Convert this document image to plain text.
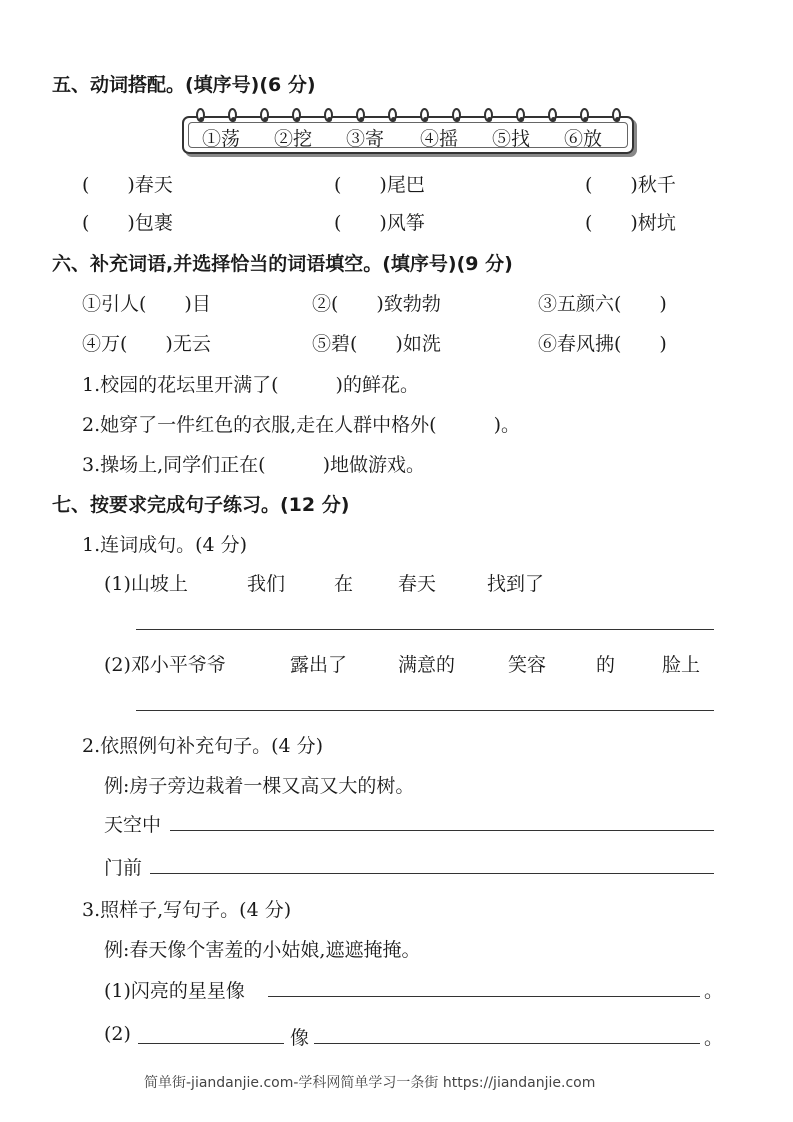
五、动词搭配。(填序号)(6 分)
①荡 ②挖 ③寄 ④摇 ⑤找 ⑥放
(　　)春天	(　　)尾巴	(　　)秋千
(　　)包裹	(　　)风筝	(　　)树坑
六、补充词语,并选择恰当的词语填空。(填序号)(9 分)
①引人(　　)目	②(　　)致勃勃	③五颜六(　　)
④万(　　)无云	⑤碧(　　)如洗	⑥春风拂(　　)
1.校园的花坛里开满了(　　　)的鲜花。
2.她穿了一件红色的衣服,走在人群中格外(　　　)。
3.操场上,同学们正在(　　　)地做游戏。
七、按要求完成句子练习。(12 分)
1.连词成句。(4 分)
(1)山坡上	我们	在 春天	找到了
(2)邓小平爷爷	露出了	满意的	笑容	的 脸上
2.依照例句补充句子。(4 分)
例:房子旁边栽着一棵又高又大的树。
天空中
门前
3.照样子,写句子。(4 分)
例:春天像个害羞的小姑娘,遮遮掩掩。
(1)闪亮的星星像	。
(2)	像	。
简单街-jiandanjie.com-学科网简单学习一条街 https://jiandanjie.com
